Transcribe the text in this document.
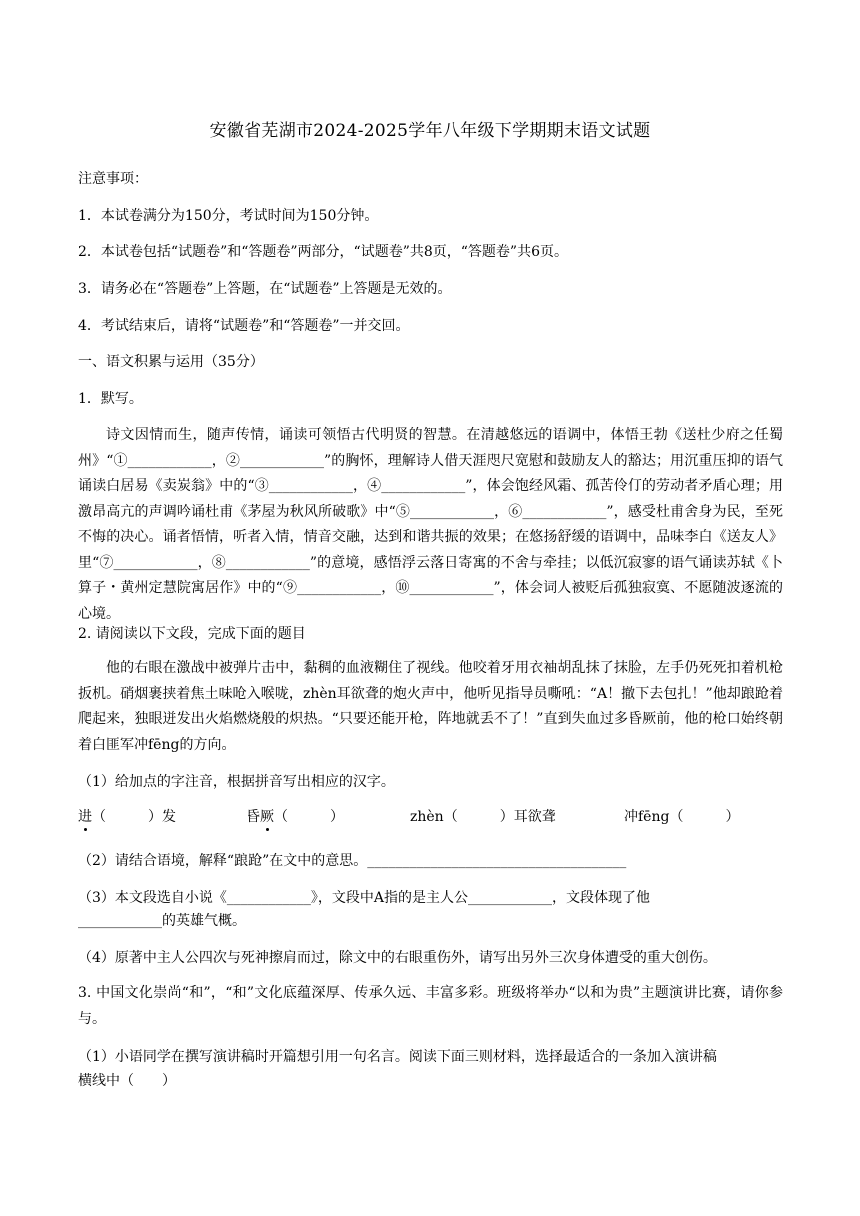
安徽省芜湖市2024-2025学年八年级下学期期末语文试题
注意事项：
1．本试卷满分为150分，考试时间为150分钟。
2．本试卷包括“试题卷”和“答题卷”两部分，“试题卷”共8页，“答题卷”共6页。
3．请务必在“答题卷”上答题，在“试题卷”上答题是无效的。
4．考试结束后，请将“试题卷”和“答题卷”一并交回。
一、语文积累与运用（35分）
1．默写。
诗文因情而生，随声传情，诵读可领悟古代明贤的智慧。在清越悠远的语调中，体悟王勃《送杜少府之任蜀州》“①____________，②____________”的胸怀，理解诗人借天涯咫尺宽慰和鼓励友人的豁达；用沉重压抑的语气诵读白居易《卖炭翁》中的“③____________，④____________”，体会饱经风霜、孤苦伶仃的劳动者矛盾心理；用激昂高亢的声调吟诵杜甫《茅屋为秋风所破歌》中“⑤____________，⑥____________”，感受杜甫舍身为民，至死不悔的决心。诵者悟情，听者入情，情音交融，达到和谐共振的效果；在悠扬舒缓的语调中，品味李白《送友人》里“⑦____________，⑧____________”的意境，感悟浮云落日寄寓的不舍与牵挂；以低沉寂寥的语气诵读苏轼《卜算子・黄州定慧院寓居作》中的“⑨____________，⑩____________”，体会词人被贬后孤独寂寞、不愿随波逐流的心境。
2. 请阅读以下文段，完成下面的题目
他的右眼在激战中被弹片击中，黏稠的血液糊住了视线。他咬着牙用衣袖胡乱抹了抹脸，左手仍死死扣着机枪扳机。硝烟裹挟着焦土味呛入喉咙，zhèn耳欲聋的炮火声中，他听见指导员嘶吼：“A！撤下去包扎！”他却踉跄着爬起来，独眼迸发出火焰燃烧般的炽热。“只要还能开枪，阵地就丢不了！”直到失血过多昏厥前，他的枪口始终朝着白匪军冲fēng的方向。
（1）给加点的字注音，根据拼音写出相应的汉字。
进（　　　）发	昏厥（　　　）	zhèn（　　　）耳欲聋	冲fēng（　　　）
（2）请结合语境，解释“踉跄”在文中的意思。_____________________________________
（3）本文段选自小说《____________》，文段中A指的是主人公____________，文段体现了他
____________的英雄气概。
（4）原著中主人公四次与死神擦肩而过，除文中的右眼重伤外，请写出另外三次身体遭受的重大创伤。
3. 中国文化崇尚“和”，“和”文化底蕴深厚、传承久远、丰富多彩。班级将举办“以和为贵”主题演讲比赛，请你参与。
（1）小语同学在撰写演讲稿时开篇想引用一句名言。阅读下面三则材料，选择最适合的一条加入演讲稿
横线中（　　）
